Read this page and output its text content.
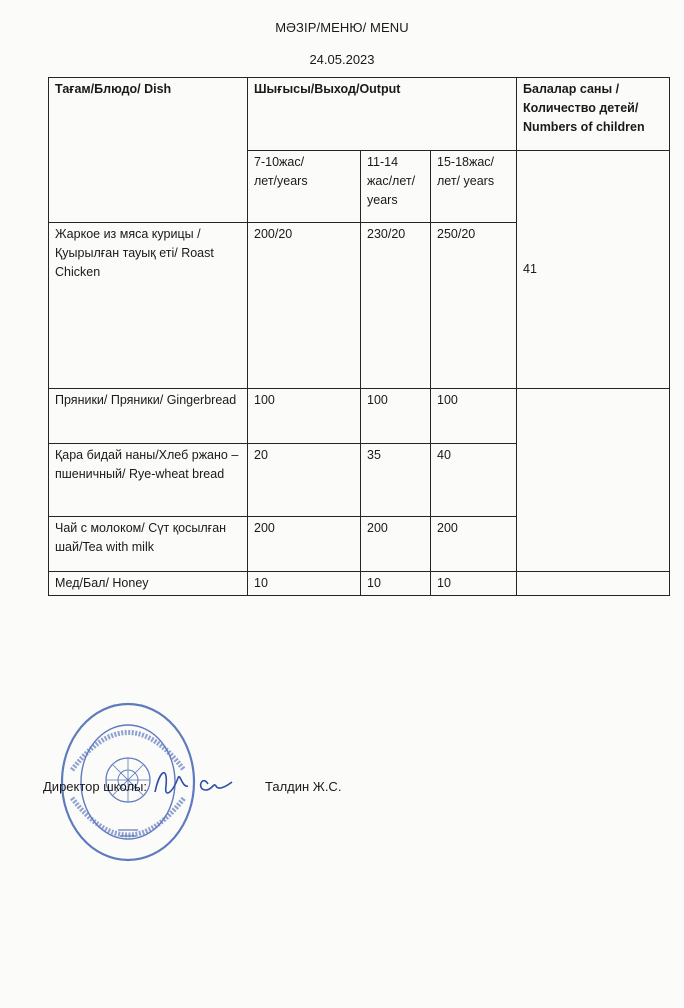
МӘЗІР/МЕНЮ/ MENU
24.05.2023
Тағам/Блюдо/ Dish	Шығысы/Выход/Output			Балалар саны /Количество детей/ Numbers of children
	7-10жас/лет/years	11-14 жас/лет/ years	15-18жас/лет/ years	41
Жаркое из мяса курицы / Қуырылған тауық еті/ Roast Chicken	200/20	230/20	250/20	
Пряники/ Пряники/ Gingerbread	100	100	100	
Қара бидай наны/Хлеб ржано – пшеничный/ Rye-wheat bread	20	35	40	
Чай с молоком/ Сүт қосылған шай/Tea with milk	200	200	200	
Мед/Бал/ Honey	10	10	10	
Директор школы:	Талдин Ж.С.
